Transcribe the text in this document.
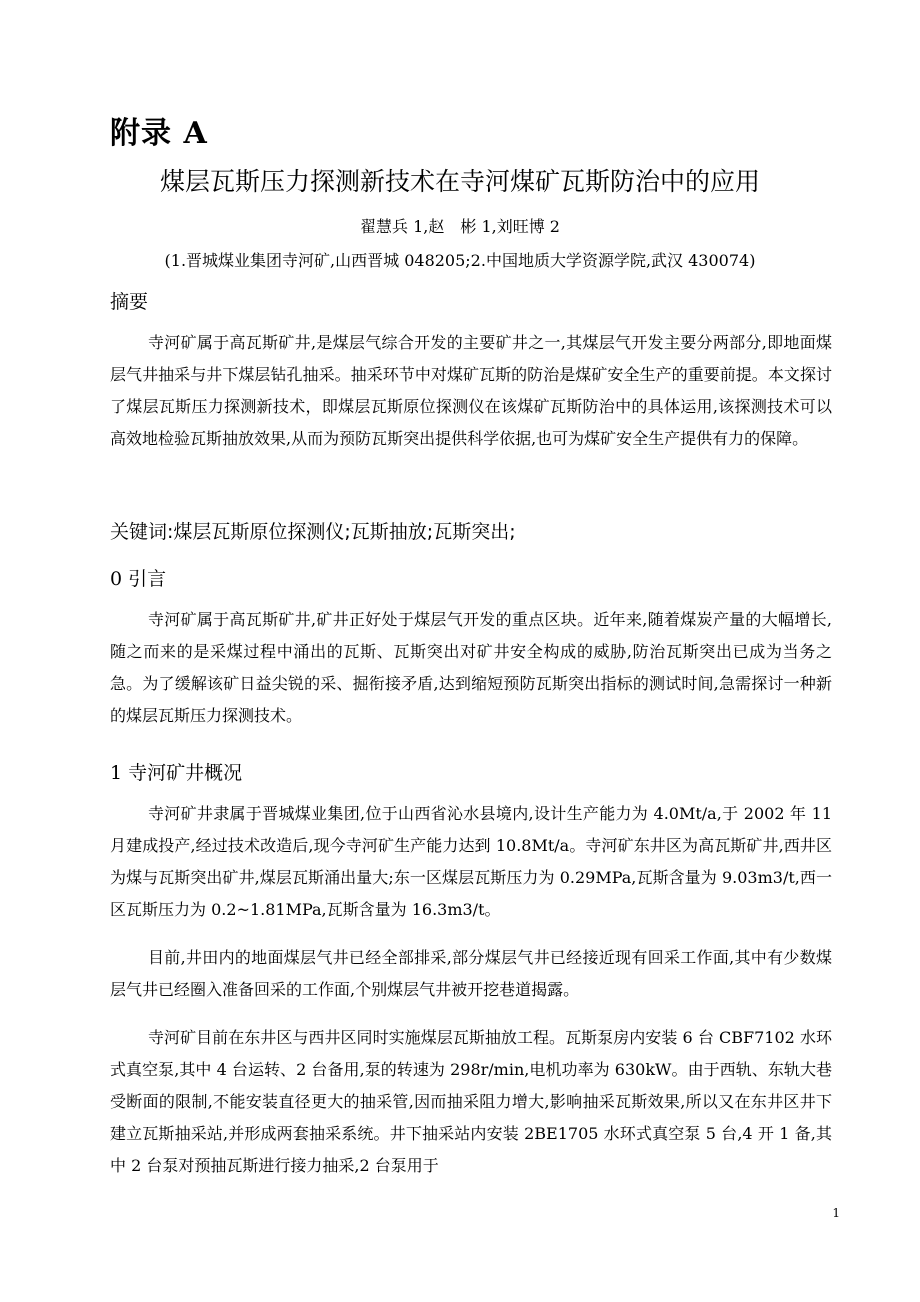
附录 A
煤层瓦斯压力探测新技术在寺河煤矿瓦斯防治中的应用
翟慧兵 1,赵　彬 1,刘旺博 2
(1.晋城煤业集团寺河矿,山西晋城 048205;2.中国地质大学资源学院,武汉 430074)
摘要
寺河矿属于高瓦斯矿井,是煤层气综合开发的主要矿井之一,其煤层气开发主要分两部分,即地面煤层气井抽采与井下煤层钻孔抽采。抽采环节中对煤矿瓦斯的防治是煤矿安全生产的重要前提。本文探讨了煤层瓦斯压力探测新技术，即煤层瓦斯原位探测仪在该煤矿瓦斯防治中的具体运用,该探测技术可以高效地检验瓦斯抽放效果,从而为预防瓦斯突出提供科学依据,也可为煤矿安全生产提供有力的保障。
关键词:煤层瓦斯原位探测仪;瓦斯抽放;瓦斯突出;
0 引言
寺河矿属于高瓦斯矿井,矿井正好处于煤层气开发的重点区块。近年来,随着煤炭产量的大幅增长,随之而来的是采煤过程中涌出的瓦斯、瓦斯突出对矿井安全构成的威胁,防治瓦斯突出已成为当务之急。为了缓解该矿日益尖锐的采、掘衔接矛盾,达到缩短预防瓦斯突出指标的测试时间,急需探讨一种新的煤层瓦斯压力探测技术。
1 寺河矿井概况
寺河矿井隶属于晋城煤业集团,位于山西省沁水县境内,设计生产能力为 4.0Mt/a,于 2002 年 11 月建成投产,经过技术改造后,现今寺河矿生产能力达到 10.8Mt/a。寺河矿东井区为高瓦斯矿井,西井区为煤与瓦斯突出矿井,煤层瓦斯涌出量大;东一区煤层瓦斯压力为 0.29MPa,瓦斯含量为 9.03m3/t,西一区瓦斯压力为 0.2~1.81MPa,瓦斯含量为 16.3m3/t。
目前,井田内的地面煤层气井已经全部排采,部分煤层气井已经接近现有回采工作面,其中有少数煤层气井已经圈入准备回采的工作面,个别煤层气井被开挖巷道揭露。
寺河矿目前在东井区与西井区同时实施煤层瓦斯抽放工程。瓦斯泵房内安装 6 台 CBF7102 水环式真空泵,其中 4 台运转、2 台备用,泵的转速为 298r/min,电机功率为 630kW。由于西轨、东轨大巷受断面的限制,不能安装直径更大的抽采管,因而抽采阻力增大,影响抽采瓦斯效果,所以又在东井区井下建立瓦斯抽采站,并形成两套抽采系统。井下抽采站内安装 2BE1705 水环式真空泵 5 台,4 开 1 备,其中 2 台泵对预抽瓦斯进行接力抽采,2 台泵用于
1
